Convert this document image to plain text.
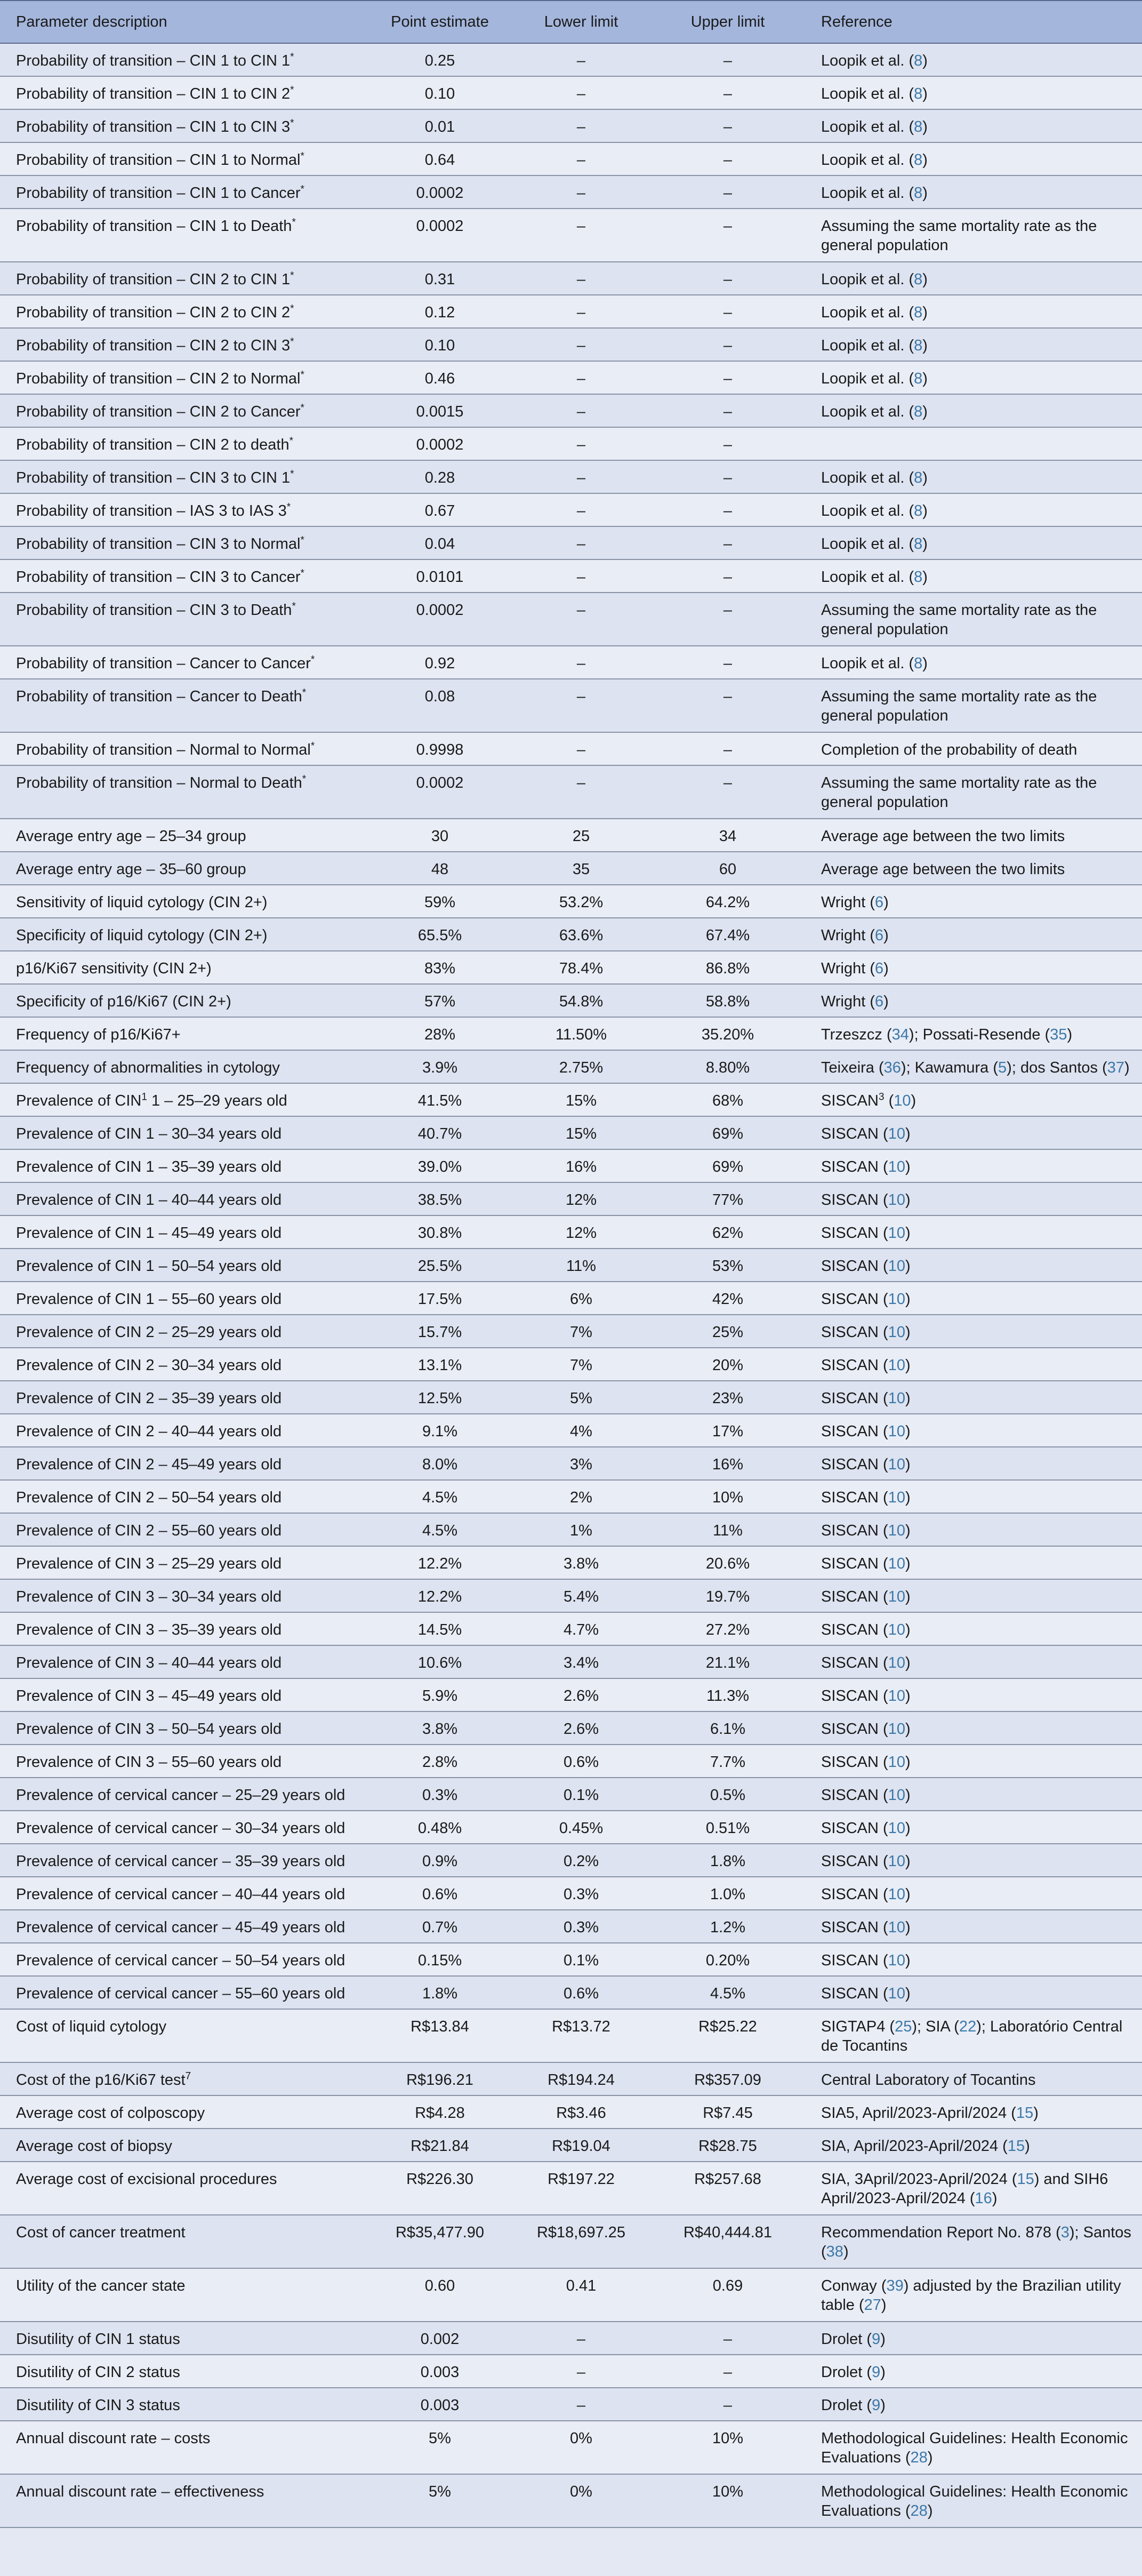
Parameter description	Point estimate	Lower limit	Upper limit	Reference
Probability of transition – CIN 1 to CIN 1*	0.25	–	–	Loopik et al. (8)
Probability of transition – CIN 1 to CIN 2*	0.10	–	–	Loopik et al. (8)
Probability of transition – CIN 1 to CIN 3*	0.01	–	–	Loopik et al. (8)
Probability of transition – CIN 1 to Normal*	0.64	–	–	Loopik et al. (8)
Probability of transition – CIN 1 to Cancer*	0.0002	–	–	Loopik et al. (8)
Probability of transition – CIN 1 to Death*	0.0002	–	–	Assuming the same mortality rate as the general population
Probability of transition – CIN 2 to CIN 1*	0.31	–	–	Loopik et al. (8)
Probability of transition – CIN 2 to CIN 2*	0.12	–	–	Loopik et al. (8)
Probability of transition – CIN 2 to CIN 3*	0.10	–	–	Loopik et al. (8)
Probability of transition – CIN 2 to Normal*	0.46	–	–	Loopik et al. (8)
Probability of transition – CIN 2 to Cancer*	0.0015	–	–	Loopik et al. (8)
Probability of transition – CIN 2 to death*	0.0002	–	–	
Probability of transition – CIN 3 to CIN 1*	0.28	–	–	Loopik et al. (8)
Probability of transition – IAS 3 to IAS 3*	0.67	–	–	Loopik et al. (8)
Probability of transition – CIN 3 to Normal*	0.04	–	–	Loopik et al. (8)
Probability of transition – CIN 3 to Cancer*	0.0101	–	–	Loopik et al. (8)
Probability of transition – CIN 3 to Death*	0.0002	–	–	Assuming the same mortality rate as the general population
Probability of transition – Cancer to Cancer*	0.92	–	–	Loopik et al. (8)
Probability of transition – Cancer to Death*	0.08	–	–	Assuming the same mortality rate as the general population
Probability of transition – Normal to Normal*	0.9998	–	–	Completion of the probability of death
Probability of transition – Normal to Death*	0.0002	–	–	Assuming the same mortality rate as the general population
Average entry age – 25–34 group	30	25	34	Average age between the two limits
Average entry age – 35–60 group	48	35	60	Average age between the two limits
Sensitivity of liquid cytology (CIN 2+)	59%	53.2%	64.2%	Wright (6)
Specificity of liquid cytology (CIN 2+)	65.5%	63.6%	67.4%	Wright (6)
p16/Ki67 sensitivity (CIN 2+)	83%	78.4%	86.8%	Wright (6)
Specificity of p16/Ki67 (CIN 2+)	57%	54.8%	58.8%	Wright (6)
Frequency of p16/Ki67+	28%	11.50%	35.20%	Trzeszcz (34); Possati-Resende (35)
Frequency of abnormalities in cytology	3.9%	2.75%	8.80%	Teixeira (36); Kawamura (5); dos Santos (37)
Prevalence of CIN$^1$ 1 – 25–29 years old	41.5%	15%	68%	SISCAN$^3$ (10)
Prevalence of CIN 1 – 30–34 years old	40.7%	15%	69%	SISCAN (10)
Prevalence of CIN 1 – 35–39 years old	39.0%	16%	69%	SISCAN (10)
Prevalence of CIN 1 – 40–44 years old	38.5%	12%	77%	SISCAN (10)
Prevalence of CIN 1 – 45–49 years old	30.8%	12%	62%	SISCAN (10)
Prevalence of CIN 1 – 50–54 years old	25.5%	11%	53%	SISCAN (10)
Prevalence of CIN 1 – 55–60 years old	17.5%	6%	42%	SISCAN (10)
Prevalence of CIN 2 – 25–29 years old	15.7%	7%	25%	SISCAN (10)
Prevalence of CIN 2 – 30–34 years old	13.1%	7%	20%	SISCAN (10)
Prevalence of CIN 2 – 35–39 years old	12.5%	5%	23%	SISCAN (10)
Prevalence of CIN 2 – 40–44 years old	9.1%	4%	17%	SISCAN (10)
Prevalence of CIN 2 – 45–49 years old	8.0%	3%	16%	SISCAN (10)
Prevalence of CIN 2 – 50–54 years old	4.5%	2%	10%	SISCAN (10)
Prevalence of CIN 2 – 55–60 years old	4.5%	1%	11%	SISCAN (10)
Prevalence of CIN 3 – 25–29 years old	12.2%	3.8%	20.6%	SISCAN (10)
Prevalence of CIN 3 – 30–34 years old	12.2%	5.4%	19.7%	SISCAN (10)
Prevalence of CIN 3 – 35–39 years old	14.5%	4.7%	27.2%	SISCAN (10)
Prevalence of CIN 3 – 40–44 years old	10.6%	3.4%	21.1%	SISCAN (10)
Prevalence of CIN 3 – 45–49 years old	5.9%	2.6%	11.3%	SISCAN (10)
Prevalence of CIN 3 – 50–54 years old	3.8%	2.6%	6.1%	SISCAN (10)
Prevalence of CIN 3 – 55–60 years old	2.8%	0.6%	7.7%	SISCAN (10)
Prevalence of cervical cancer – 25–29 years old	0.3%	0.1%	0.5%	SISCAN (10)
Prevalence of cervical cancer – 30–34 years old	0.48%	0.45%	0.51%	SISCAN (10)
Prevalence of cervical cancer – 35–39 years old	0.9%	0.2%	1.8%	SISCAN (10)
Prevalence of cervical cancer – 40–44 years old	0.6%	0.3%	1.0%	SISCAN (10)
Prevalence of cervical cancer – 45–49 years old	0.7%	0.3%	1.2%	SISCAN (10)
Prevalence of cervical cancer – 50–54 years old	0.15%	0.1%	0.20%	SISCAN (10)
Prevalence of cervical cancer – 55–60 years old	1.8%	0.6%	4.5%	SISCAN (10)
Cost of liquid cytology	R$13.84	R$13.72	R$25.22	SIGTAP4 (25); SIA (22); Laboratório Central de Tocantins
Cost of the p16/Ki67 test$^7$	R$196.21	R$194.24	R$357.09	Central Laboratory of Tocantins
Average cost of colposcopy	R$4.28	R$3.46	R$7.45	SIA5, April/2023-April/2024 (15)
Average cost of biopsy	R$21.84	R$19.04	R$28.75	SIA, April/2023-April/2024 (15)
Average cost of excisional procedures	R$226.30	R$197.22	R$257.68	SIA, 3April/2023-April/2024 (15) and SIH6 April/2023-April/2024 (16)
Cost of cancer treatment	R$35,477.90	R$18,697.25	R$40,444.81	Recommendation Report No. 878 (3); Santos (38)
Utility of the cancer state	0.60	0.41	0.69	Conway (39) adjusted by the Brazilian utility table (27)
Disutility of CIN 1 status	0.002	–	–	Drolet (9)
Disutility of CIN 2 status	0.003	–	–	Drolet (9)
Disutility of CIN 3 status	0.003	–	–	Drolet (9)
Annual discount rate – costs	5%	0%	10%	Methodological Guidelines: Health Economic Evaluations (28)
Annual discount rate – effectiveness	5%	0%	10%	Methodological Guidelines: Health Economic Evaluations (28)
